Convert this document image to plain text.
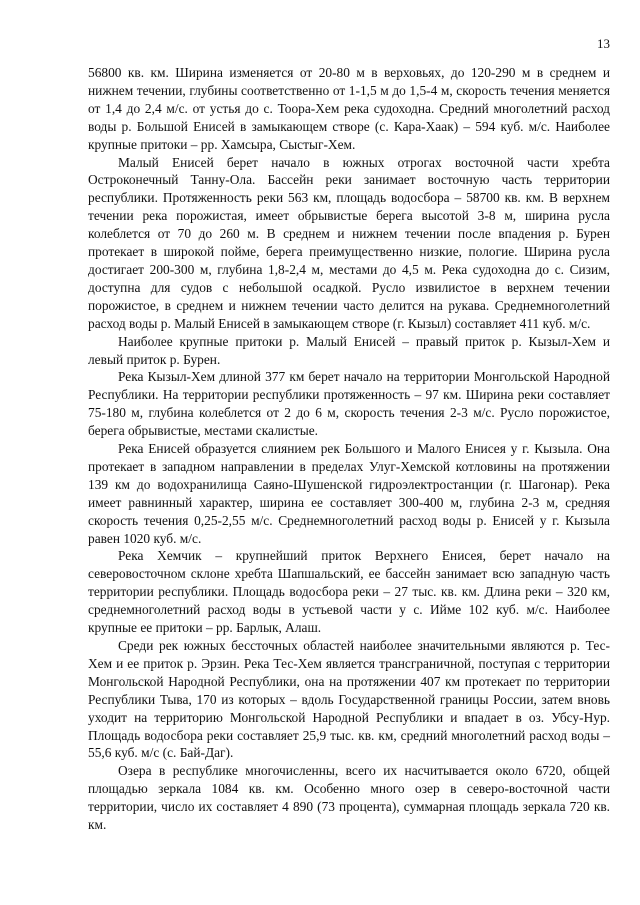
13

56800 кв. км. Ширина изменяется от 20-80 м в верховьях, до 120-290 м в среднем и нижнем течении, глубины соответственно от 1-1,5 м до 1,5-4 м, скорость течения меняется от 1,4 до 2,4 м/с. от устья до с. Тоора-Хем река судоходна. Средний многолетний расход воды р. Большой Енисей в замыкающем створе (с. Кара-Хаак) – 594 куб. м/с. Наиболее крупные притоки – рр. Хамсыра, Сыстыг-Хем.

Малый Енисей берет начало в южных отрогах восточной части хребта Остроконечный Танну-Ола. Бассейн реки занимает восточную часть территории республики. Протяженность реки 563 км, площадь водосбора – 58700 кв. км. В верхнем течении река порожистая, имеет обрывистые берега высотой 3-8 м, ширина русла колеблется от 70 до 260 м. В среднем и нижнем течении после впадения р. Бурен протекает в широкой пойме, берега преимущественно низкие, пологие. Ширина русла достигает 200-300 м, глубина 1,8-2,4 м, местами до 4,5 м. Река судоходна до с. Сизим, доступна для судов с небольшой осадкой. Русло извилистое в верхнем течении порожистое, в среднем и нижнем течении часто делится на рукава. Среднемноголетний расход воды р. Малый Енисей в замыкающем створе (г. Кызыл) составляет 411 куб. м/с.

Наиболее крупные притоки р. Малый Енисей – правый приток р. Кызыл-Хем и левый приток р. Бурен.

Река Кызыл-Хем длиной 377 км берет начало на территории Монгольской Народной Республики. На территории республики протяженность – 97 км. Ширина реки составляет 75-180 м, глубина колеблется от 2 до 6 м, скорость течения 2-3 м/с. Русло порожистое, берега обрывистые, местами скалистые.

Река Енисей образуется слиянием рек Большого и Малого Енисея у г. Кызыла. Она протекает в западном направлении в пределах Улуг-Хемской котловины на протяжении 139 км до водохранилища Саяно-Шушенской гидроэлектростанции (г. Шагонар). Река имеет равнинный характер, ширина ее составляет 300-400 м, глубина 2-3 м, средняя скорость течения 0,25-2,55 м/с. Среднемноголетний расход воды р. Енисей у г. Кызыла равен 1020 куб. м/с.

Река Хемчик – крупнейший приток Верхнего Енисея, берет начало на северовосточном склоне хребта Шапшальский, ее бассейн занимает всю западную часть территории республики. Площадь водосбора реки – 27 тыс. кв. км. Длина реки – 320 км, среднемноголетний расход воды в устьевой части у с. Ийме 102 куб. м/с. Наиболее крупные ее притоки – рр. Барлык, Алаш.

Среди рек южных бессточных областей наиболее значительными являются р. Тес-Хем и ее приток р. Эрзин. Река Тес-Хем является трансграничной, поступая с территории Монгольской Народной Республики, она на протяжении 407 км протекает по территории Республики Тыва, 170 из которых – вдоль Государственной границы России, затем вновь уходит на территорию Монгольской Народной Республики и впадает в оз. Убсу-Нур. Площадь водосбора реки составляет 25,9 тыс. кв. км, средний многолетний расход воды – 55,6 куб. м/с (с. Бай-Даг).

Озера в республике многочисленны, всего их насчитывается около 6720, общей площадью зеркала 1084 кв. км. Особенно много озер в северо-восточной части территории, число их составляет 4 890 (73 процента), суммарная площадь зеркала 720 кв. км.
